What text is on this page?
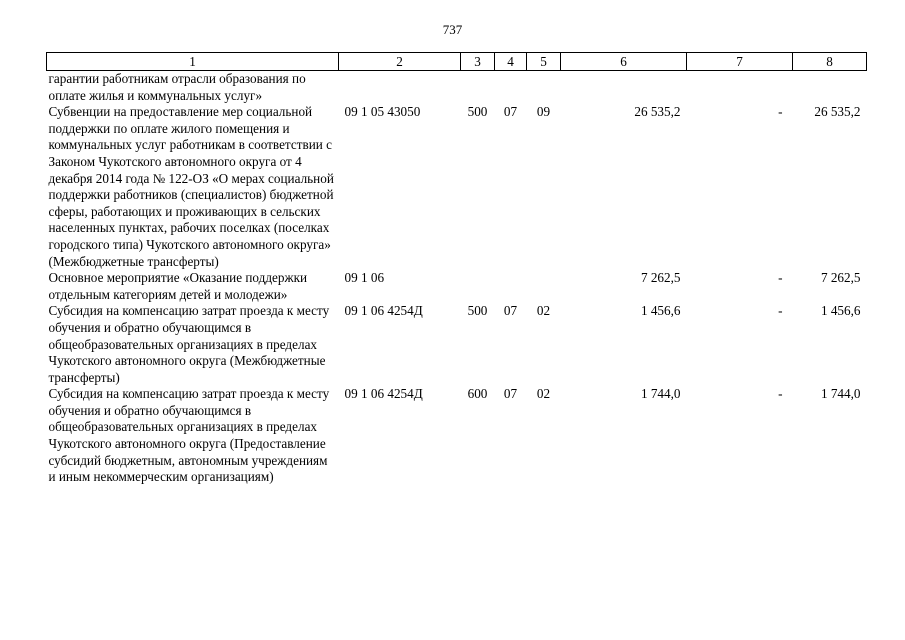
737
1	2	3	4	5	6	7	8
гарантии работникам отрасли образования по оплате жилья и коммунальных услуг»							
Субвенции на предоставление мер социальной поддержки по оплате жилого помещения и коммунальных услуг работникам в соответствии с Законом Чукотского автономного округа от 4 декабря 2014 года № 122-ОЗ «О мерах социальной поддержки работников (специалистов) бюджетной сферы, работающих и проживающих в сельских населенных пунктах, рабочих поселках (поселках городского типа) Чукотского автономного округа» (Межбюджетные трансферты)	09 1 05 43050	500	07	09	26 535,2	-	26 535,2
Основное мероприятие «Оказание поддержки отдельным категориям детей и молодежи»	09 1 06				7 262,5	-	7 262,5
Субсидия на компенсацию затрат проезда к месту обучения и обратно обучающимся в общеобразовательных организациях в пределах Чукотского автономного округа (Межбюджетные трансферты)	09 1 06 4254Д	500	07	02	1 456,6	-	1 456,6
Субсидия на компенсацию затрат проезда к месту обучения и обратно обучающимся в общеобразовательных организациях в пределах Чукотского автономного округа (Предоставление субсидий бюджетным, автономным учреждениям и иным некоммерческим организациям)	09 1 06 4254Д	600	07	02	1 744,0	-	1 744,0
